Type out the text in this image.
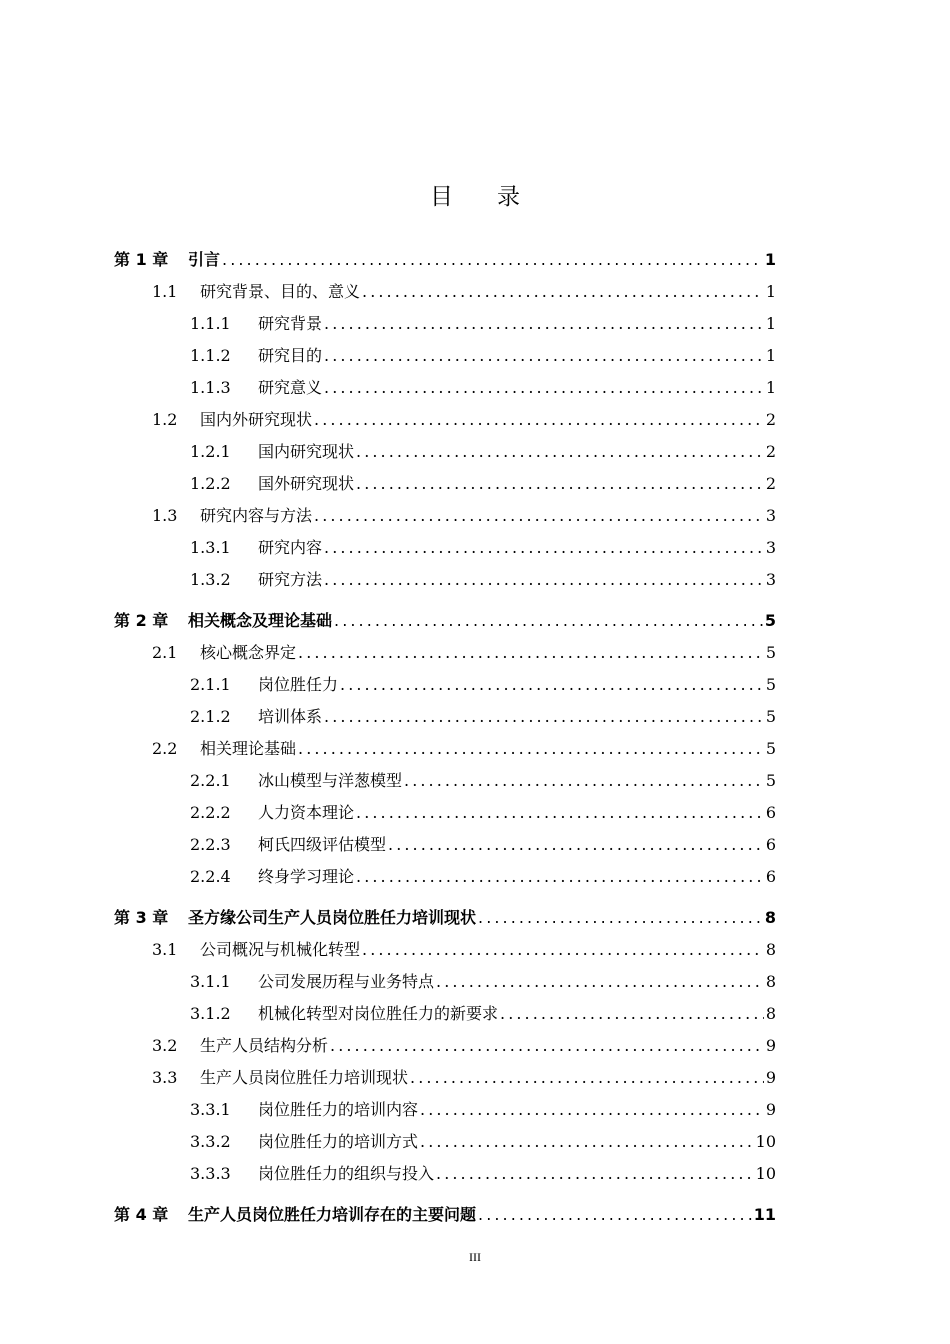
目 录
第 1 章	引言 . . .	1
1.1	研究背景、目的、意义 . . .	1
1.1.1	研究背景 . . .	1
1.1.2	研究目的 . . .	1
1.1.3	研究意义 . . .	1
1.2	国内外研究现状 . . .	2
1.2.1	国内研究现状 . . .	2
1.2.2	国外研究现状 . . .	2
1.3	研究内容与方法 . . .	3
1.3.1	研究内容 . . .	3
1.3.2	研究方法 . . .	3
第 2 章	相关概念及理论基础 . . .	5
2.1	核心概念界定 . . .	5
2.1.1	岗位胜任力 . . .	5
2.1.2	培训体系 . . .	5
2.2	相关理论基础 . . .	5
2.2.1	冰山模型与洋葱模型 . . .	5
2.2.2	人力资本理论 . . .	6
2.2.3	柯氏四级评估模型 . . .	6
2.2.4	终身学习理论 . . .	6
第 3 章	圣方缘公司生产人员岗位胜任力培训现状 . . .	8
3.1	公司概况与机械化转型 . . .	8
3.1.1	公司发展历程与业务特点 . . .	8
3.1.2	机械化转型对岗位胜任力的新要求 . . .	8
3.2	生产人员结构分析 . . .	9
3.3	生产人员岗位胜任力培训现状 . . .	9
3.3.1	岗位胜任力的培训内容 . . .	9
3.3.2	岗位胜任力的培训方式 . . .	10
3.3.3	岗位胜任力的组织与投入 . . .	10
第 4 章	生产人员岗位胜任力培训存在的主要问题 . . .	11
III
